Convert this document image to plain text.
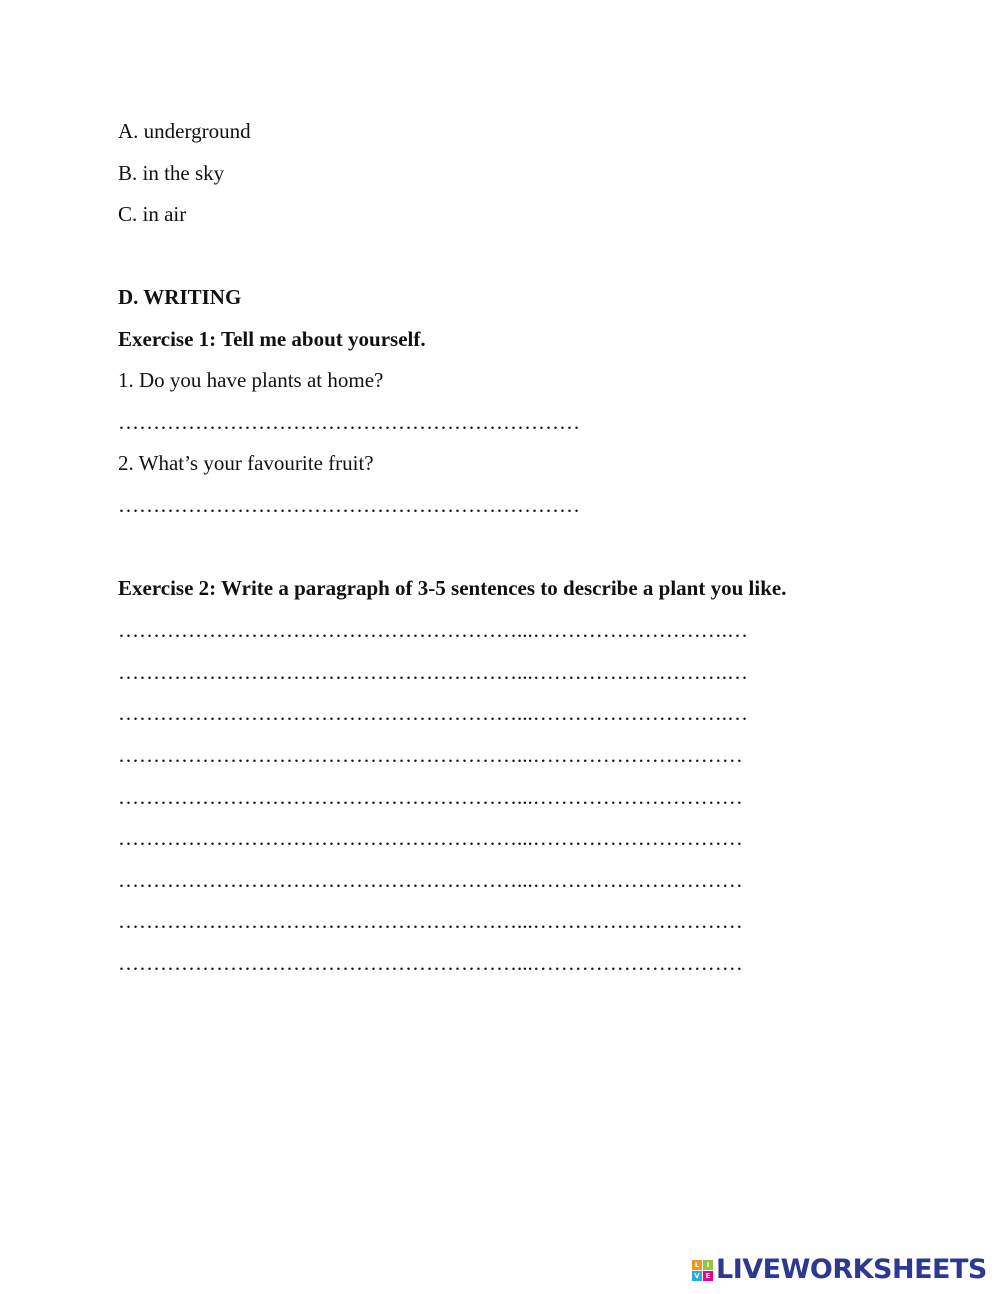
A. underground
B. in the sky
C. in air
D. WRITING
Exercise 1: Tell me about yourself.
1. Do you have plants at home?
…………………………………………………………
2. What’s your favourite fruit?
…………………………………………………………
Exercise 2: Write a paragraph of 3-5 sentences to describe a plant you like.
…………………………………………………...……………………….…
…………………………………………………...……………………….…
…………………………………………………...……………………….…
…………………………………………………...…………………………
…………………………………………………...…………………………
…………………………………………………...…………………………
…………………………………………………...…………………………
…………………………………………………...…………………………
…………………………………………………...…………………………
L	I
V E LIVEWORKSHEETS
